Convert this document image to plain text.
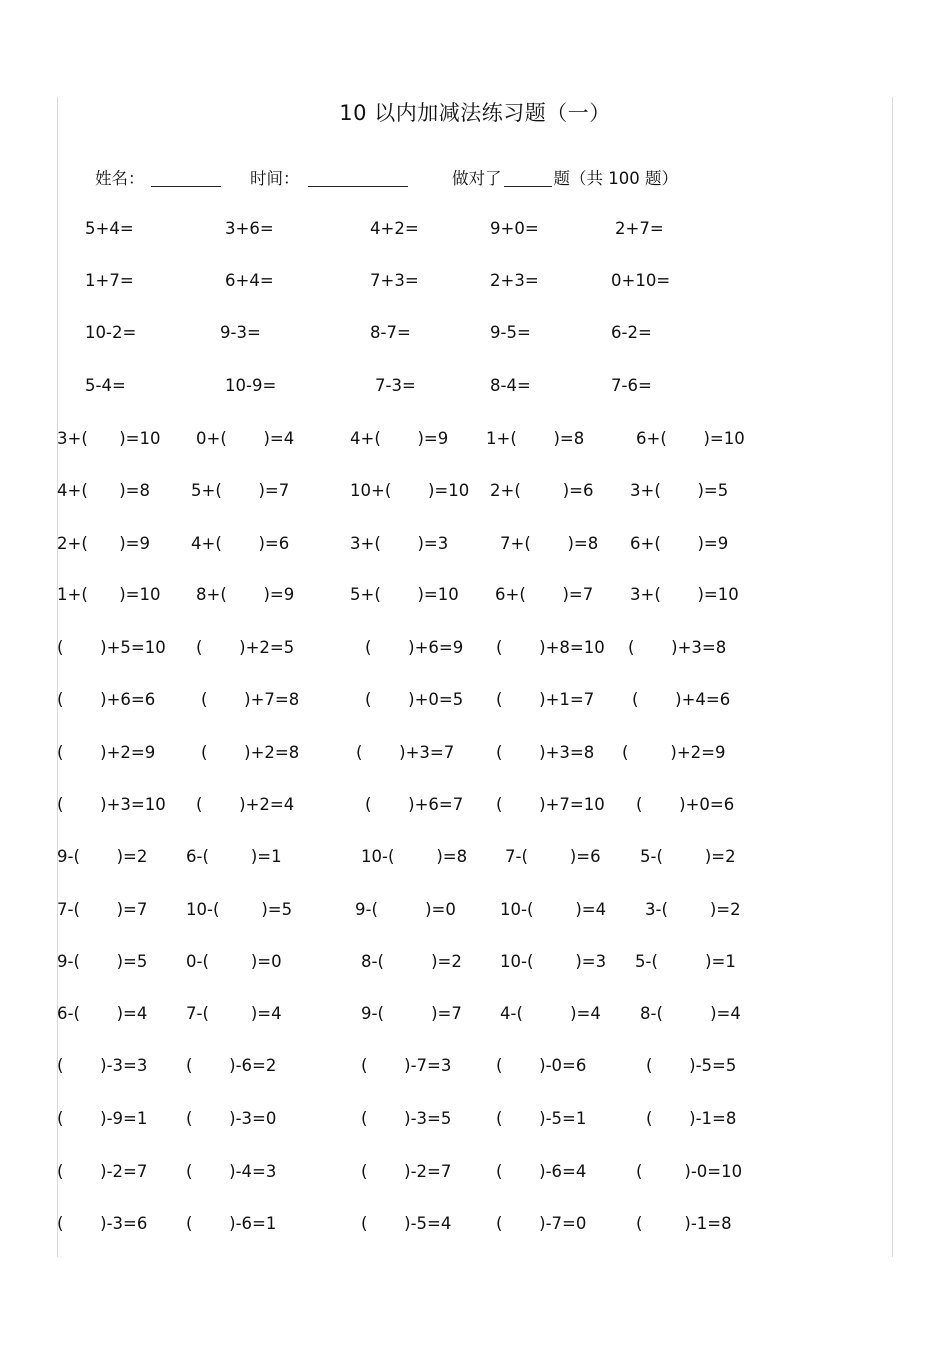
10 以内加减法练习题（一）
姓名：	时间：	做对了	题（共 100 题）
5+4=	3+6=	4+2=	9+0=	2+7=
1+7=	6+4=	7+3=	2+3=	0+10=
10-2=	9-3=	8-7=	9-5=	6-2=
5-4=	10-9=	7-3=	8-4=	7-6=
3+(      )=10 0+(       )=4	4+(       )=9 1+(       )=8	6+(       )=10
4+(      )=8 5+(       )=7	10+(       )=10 2+(        )=6 3+(       )=5
2+(      )=9 4+(       )=6	3+(       )=3	7+(       )=8 6+(       )=9
1+(      )=10 8+(       )=9	5+(       )=10 6+(       )=7 3+(       )=10
(       )+5=10 (       )+2=5	(       )+6=9 (       )+8=10 (       )+3=8
(       )+6=6	(       )+7=8	(       )+0=5 (       )+1=7 (       )+4=6
(       )+2=9	(       )+2=8	(       )+3=7	(       )+3=8 (        )+2=9
(       )+3=10 (       )+2=4	(       )+6=7 (       )+7=10 (       )+0=6
9-(       )=2 6-(        )=1	10-(        )=8 7-(        )=6 5-(        )=2
7-(       )=7 10-(        )=5	9-(         )=0	10-(        )=4 3-(        )=2
9-(       )=5 0-(        )=0	8-(         )=2 10-(        )=3 5-(         )=1
6-(       )=4 7-(        )=4	9-(         )=7 4-(         )=4 8-(         )=4
(       )-3=3 (       )-6=2	(       )-7=3	(       )-0=6	(       )-5=5
(       )-9=1 (       )-3=0	(       )-3=5	(       )-5=1	(       )-1=8
(       )-2=7 (       )-4=3	(       )-2=7	(       )-6=4	(        )-0=10
(       )-3=6 (       )-6=1	(       )-5=4	(       )-7=0	(        )-1=8
